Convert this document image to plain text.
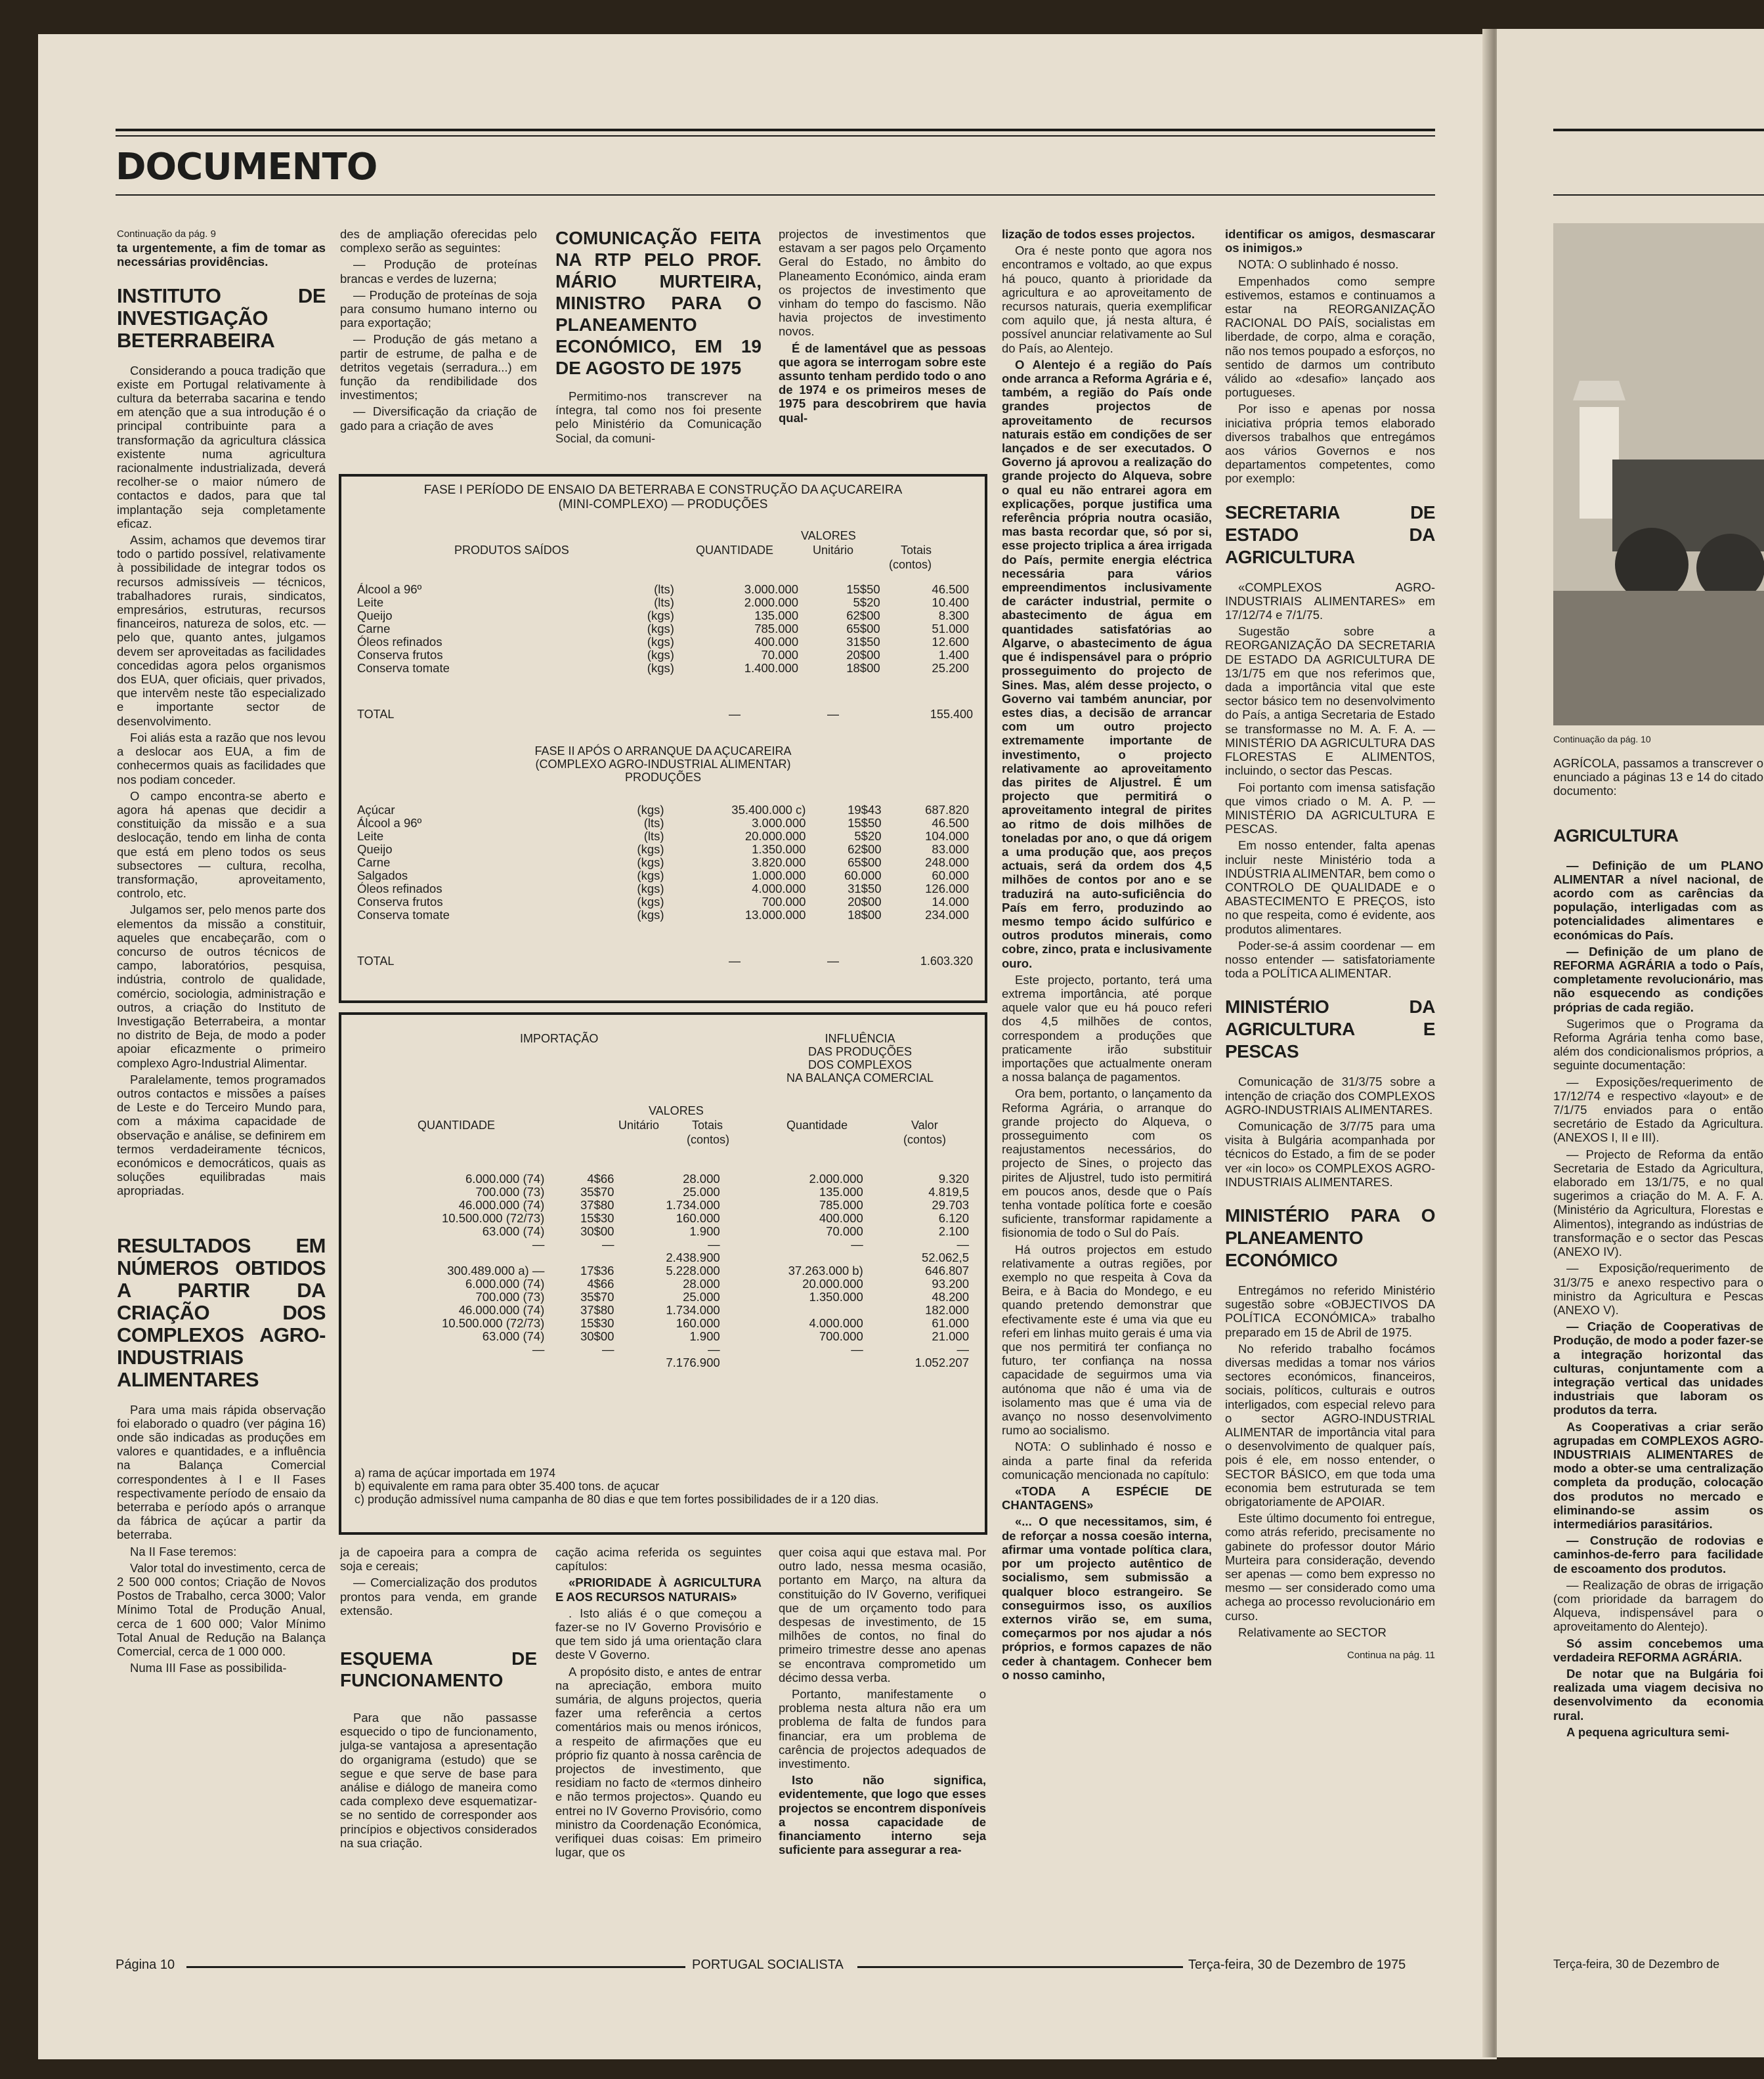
DOCUMENTO
Continuação da pág. 9

ta urgentemente, a fim de tomar as necessárias providências.

INSTITUTO DE INVESTIGAÇÃO BETERRABEIRA

Considerando a pouca tradição que existe em Portugal relativamente à cultura da beterraba sacarina e tendo em atenção que a sua introdução é o principal contribuinte para a transformação da agricultura clássica existente numa agricultura racionalmente industrializada, deverá recolher-se o maior número de contactos e dados, para que tal implantação seja completamente eficaz.

Assim, achamos que devemos tirar todo o partido possível, relativamente à possibilidade de integrar todos os recursos admissíveis — técnicos, trabalhadores rurais, sindicatos, empresários, estruturas, recursos financeiros, natureza de solos, etc. — pelo que, quanto antes, julgamos devem ser aproveitadas as facilidades concedidas agora pelos organismos dos EUA, quer oficiais, quer privados, que intervêm neste tão especializado e importante sector de desenvolvimento.

Foi aliás esta a razão que nos levou a deslocar aos EUA, a fim de conhecermos quais as facilidades que nos podiam conceder.

O campo encontra-se aberto e agora há apenas que decidir a constituição da missão e a sua deslocação, tendo em linha de conta que está em pleno todos os seus subsectores — cultura, recolha, transformação, aproveitamento, controlo, etc.

Julgamos ser, pelo menos parte dos elementos da missão a constituir, aqueles que encabeçarão, com o concurso de outros técnicos de campo, laboratórios, pesquisa, indústria, controlo de qualidade, comércio, sociologia, administração e outros, a criação do Instituto de Investigação Beterrabeira, a montar no distrito de Beja, de modo a poder apoiar eficazmente o primeiro complexo Agro-Industrial Alimentar.

Paralelamente, temos programados outros contactos e missões a países de Leste e do Terceiro Mundo para, com a máxima capacidade de observação e análise, se definirem em termos verdadeiramente técnicos, económicos e democráticos, quais as soluções equilibradas mais apropriadas.

RESULTADOS EM NÚMEROS OBTIDOS A PARTIR DA CRIAÇÃO DOS COMPLEXOS AGRO-INDUSTRIAIS ALIMENTARES

Para uma mais rápida observação foi elaborado o quadro (ver página 16) onde são indicadas as produções em valores e quantidades, e a influência na Balança Comercial correspondentes à I e II Fases respectivamente período de ensaio da beterraba e período após o arranque da fábrica de açúcar a partir da beterraba.

Na II Fase teremos:

Valor total do investimento, cerca de 2 500 000 contos; Criação de Novos Postos de Trabalho, cerca 3000; Valor Mínimo Total de Produção Anual, cerca de 1 600 000; Valor Mínimo Total Anual de Redução na Balança Comercial, cerca de 1 000 000.

Numa III Fase as possibilida-

des de ampliação oferecidas pelo complexo serão as seguintes:

— Produção de proteínas brancas e verdes de luzerna;

— Produção de proteínas de soja para consumo humano interno ou para exportação;

— Produção de gás metano a partir de estrume, de palha e de detritos vegetais (serradura...) em função da rendibilidade dos investimentos;

— Diversificação da criação de gado para a criação de aves

COMUNICAÇÃO FEITA NA RTP PELO PROF. MÁRIO MURTEIRA, MINISTRO PARA O PLANEAMENTO ECONÓMICO, EM 19 DE AGOSTO DE 1975

Permitimo-nos transcrever na íntegra, tal como nos foi presente pelo Ministério da Comunicação Social, da comuni-

projectos de investimentos que estavam a ser pagos pelo Orçamento Geral do Estado, no âmbito do Planeamento Económico, ainda eram os projectos de investimento que vinham do tempo do fascismo. Não havia projectos de investimento novos.

É de lamentável que as pessoas que agora se interrogam sobre este assunto tenham perdido todo o ano de 1974 e os primeiros meses de 1975 para descobrirem que havia qual-

FASE I PERÍODO DE ENSAIO DA BETERRABA E CONSTRUÇÃO DA AÇUCAREIRA
(MINI-COMPLEXO) — PRODUÇÕES
VALORES
PRODUTOS SAÍDOS	QUANTIDADE	Unitário	Totais
(contos)
Álcool a 96º	(lts)	3.000.000	15$50	46.500
Leite	(lts)	2.000.000	5$20	10.400
Queijo	(kgs)	135.000	62$00	8.300
Carne	(kgs)	785.000	65$00	51.000
Óleos refinados	(kgs)	400.000	31$50	12.600
Conserva frutos	(kgs)	70.000	20$00	1.400
Conserva tomate	(kgs)	1.400.000	18$00	25.200
TOTAL	—	—	155.400
FASE II APÓS O ARRANQUE DA AÇUCAREIRA
(COMPLEXO AGRO-INDUSTRIAL ALIMENTAR)
PRODUÇÕES
Açúcar	(kgs)	35.400.000 c)	19$43	687.820
Álcool a 96º	(lts)	3.000.000	15$50	46.500
Leite	(lts)	20.000.000	5$20	104.000
Queijo	(kgs)	1.350.000	62$00	83.000
Carne	(kgs)	3.820.000	65$00	248.000
Salgados	(kgs)	1.000.000	60.000	60.000
Óleos refinados	(kgs)	4.000.000	31$50	126.000
Conserva frutos	(kgs)	700.000	20$00	14.000
Conserva tomate	(kgs)	13.000.000	18$00	234.000
TOTAL	—	—	1.603.320
IMPORTAÇÃO	INFLUÊNCIA
DAS PRODUÇÕES
DOS COMPLEXOS
NA BALANÇA COMERCIAL
VALORES
QUANTIDADE	Unitário	Totais
(contos)
Quantidade	Valor
(contos)
6.000.000 (74)	4$66	28.000	2.000.000	9.320
700.000 (73)	35$70	25.000	135.000	4.819,5
46.000.000 (74)	37$80	1.734.000	785.000	29.703
10.500.000 (72/73)	15$30	160.000	400.000	6.120
63.000 (74)	30$00	1.900	70.000	2.100
—	—	—	—	—
		2.438.900		52.062,5
300.489.000 a) —	17$36	5.228.000	37.263.000 b)	646.807
6.000.000 (74)	4$66	28.000	20.000.000	93.200
700.000 (73)	35$70	25.000	1.350.000	48.200
46.000.000 (74)	37$80	1.734.000		182.000
10.500.000 (72/73)	15$30	160.000	4.000.000	61.000
63.000 (74)	30$00	1.900	700.000	21.000
—	—	—	—	—
		7.176.900		1.052.207
a) rama de açúcar importada em 1974
b) equivalente em rama para obter 35.400 tons. de açucar
c) produção admissível numa campanha de 80 dias e que tem fortes possibilidades de ir a 120 dias.

ja de capoeira para a compra de soja e cereais;

— Comercialização dos produtos prontos para venda, em grande extensão.

ESQUEMA DE FUNCIONAMENTO

Para que não passasse esquecido o tipo de funcionamento, julga-se vantajosa a apresentação do organigrama (estudo) que se segue e que serve de base para análise e diálogo de maneira como cada complexo deve esquematizar-se no sentido de corresponder aos princípios e objectivos considerados na sua criação.

cação acima referida os seguintes capítulos:

«PRIORIDADE À AGRICULTURA E AOS RECURSOS NATURAIS»

. Isto aliás é o que começou a fazer-se no IV Governo Provisório e que tem sido já uma orientação clara deste V Governo.

A propósito disto, e antes de entrar na apreciação, embora muito sumária, de alguns projectos, queria fazer uma referência a certos comentários mais ou menos irónicos, a respeito de afirmações que eu próprio fiz quanto à nossa carência de projectos de investimento, que residiam no facto de «termos dinheiro e não termos projectos». Quando eu entrei no IV Governo Provisório, como ministro da Coordenação Económica, verifiquei duas coisas: Em primeiro lugar, que os

quer coisa aqui que estava mal. Por outro lado, nessa mesma ocasião, portanto em Março, na altura da constituição do IV Governo, verifiquei que de um orçamento todo para despesas de investimento, de 15 milhões de contos, no final do primeiro trimestre desse ano apenas se encontrava comprometido um décimo dessa verba.

Portanto, manifestamente o problema nesta altura não era um problema de falta de fundos para financiar, era um problema de carência de projectos adequados de investimento.

Isto não significa, evidentemente, que logo que esses projectos se encontrem disponíveis a nossa capacidade de financiamento interno seja suficiente para assegurar a rea-

lização de todos esses projectos.

Ora é neste ponto que agora nos encontramos e voltado, ao que expus há pouco, quanto à prioridade da agricultura e ao aproveitamento de recursos naturais, queria exemplificar com aquilo que, já nesta altura, é possível anunciar relativamente ao Sul do País, ao Alentejo.

O Alentejo é a região do País onde arranca a Reforma Agrária e é, também, a região do País onde grandes projectos de aproveitamento de recursos naturais estão em condições de ser lançados e de ser executados. O Governo já aprovou a realização do grande projecto do Alqueva, sobre o qual eu não entrarei agora em explicações, porque justifica uma referência própria noutra ocasião, mas basta recordar que, só por si, esse projecto triplica a área irrigada do País, permite energia eléctrica necessária para vários empreendimentos inclusivamente de carácter industrial, permite o abastecimento de água em quantidades satisfatórias ao Algarve, o abastecimento de água que é indispensável para o próprio prosseguimento do projecto de Sines. Mas, além desse projecto, o Governo vai também anunciar, por estes dias, a decisão de arrancar com um outro projecto extremamente importante de investimento, o projecto relativamente ao aproveitamento das pirites de Aljustrel. É um projecto que permitirá o aproveitamento integral de pirites ao ritmo de dois milhões de toneladas por ano, o que dá origem a uma produção que, aos preços actuais, será da ordem dos 4,5 milhões de contos por ano e se traduzirá na auto-suficiência do País em ferro, produzindo ao mesmo tempo ácido sulfúrico e outros produtos minerais, como cobre, zinco, prata e inclusivamente ouro.

Este projecto, portanto, terá uma extrema importância, até porque aquele valor que eu há pouco referi dos 4,5 milhões de contos, correspondem a produções que praticamente irão substituir importações que actualmente oneram a nossa balança de pagamentos.

Ora bem, portanto, o lançamento da Reforma Agrária, o arranque do grande projecto do Alqueva, o prosseguimento com os reajustamentos necessários, do projecto de Sines, o projecto das pirites de Aljustrel, tudo isto permitirá em poucos anos, desde que o País tenha vontade política forte e coesão suficiente, transformar rapidamente a fisionomia de todo o Sul do País.

Há outros projectos em estudo relativamente a outras regiões, por exemplo no que respeita à Cova da Beira, e à Bacia do Mondego, e eu quando pretendo demonstrar que efectivamente este é uma via que eu referi em linhas muito gerais é uma via que nos permitirá ter confiança no futuro, ter confiança na nossa capacidade de seguirmos uma via autónoma que não é uma via de isolamento mas que é uma via de avanço no nosso desenvolvimento rumo ao socialismo.

NOTA: O sublinhado é nosso e ainda a parte final da referida comunicação mencionada no capítulo:

«TODA A ESPÉCIE DE CHANTAGENS»

«... O que necessitamos, sim, é de reforçar a nossa coesão interna, afirmar uma vontade política clara, por um projecto autêntico de socialismo, sem submissão a qualquer bloco estrangeiro. Se conseguirmos isso, os auxílios externos virão se, em suma, começarmos por nos ajudar a nós próprios, e formos capazes de não ceder à chantagem. Conhecer bem o nosso caminho,

identificar os amigos, desmascarar os inimigos.»

NOTA: O sublinhado é nosso.

Empenhados como sempre estivemos, estamos e continuamos a estar na REORGANIZAÇÃO RACIONAL DO PAÍS, socialistas em liberdade, de corpo, alma e coração, não nos temos poupado a esforços, no sentido de darmos um contributo válido ao «desafio» lançado aos portugueses.

Por isso e apenas por nossa iniciativa própria temos elaborado diversos trabalhos que entregámos aos vários Governos e nos departamentos competentes, como por exemplo:

SECRETARIA DE ESTADO DA AGRICULTURA

«COMPLEXOS AGRO-INDUSTRIAIS ALIMENTARES» em 17/12/74 e 7/1/75.

Sugestão sobre a REORGANIZAÇÃO DA SECRETARIA DE ESTADO DA AGRICULTURA DE 13/1/75 em que nos referimos que, dada a importância vital que este sector básico tem no desenvolvimento do País, a antiga Secretaria de Estado se transformasse no M. A. F. A. — MINISTÉRIO DA AGRICULTURA DAS FLORESTAS E ALIMENTOS, incluindo, o sector das Pescas.

Foi portanto com imensa satisfação que vimos criado o M. A. P. — MINISTÉRIO DA AGRICULTURA E PESCAS.

Em nosso entender, falta apenas incluir neste Ministério toda a INDÚSTRIA ALIMENTAR, bem como o CONTROLO DE QUALIDADE e o ABASTECIMENTO E PREÇOS, isto no que respeita, como é evidente, aos produtos alimentares.

Poder-se-á assim coordenar — em nosso entender — satisfatoriamente toda a POLÍTICA ALIMENTAR.

MINISTÉRIO DA AGRICULTURA E PESCAS

Comunicação de 31/3/75 sobre a intenção de criação dos COMPLEXOS AGRO-INDUSTRIAIS ALIMENTARES.

Comunicação de 3/7/75 para uma visita à Bulgária acompanhada por técnicos do Estado, a fim de se poder ver «in loco» os COMPLEXOS AGRO-INDUSTRIAIS ALIMENTARES.

MINISTÉRIO PARA O PLANEAMENTO ECONÓMICO

Entregámos no referido Ministério sugestão sobre «OBJECTIVOS DA POLÍTICA ECONÓMICA» trabalho preparado em 15 de Abril de 1975.

No referido trabalho focámos diversas medidas a tomar nos vários sectores económicos, financeiros, sociais, políticos, culturais e outros interligados, com especial relevo para o sector AGRO-INDUSTRIAL ALIMENTAR de importância vital para o desenvolvimento de qualquer país, pois é ele, em nosso entender, o SECTOR BÁSICO, em que toda uma economia bem estruturada se tem obrigatoriamente de APOIAR.

Este último documento foi entregue, como atrás referido, precisamente no gabinete do professor doutor Mário Murteira para consideração, devendo ser apenas — como bem expresso no mesmo — ser considerado como uma achega ao processo revolucionário em curso.

Relativamente ao SECTOR

Continua na pág. 11
Página 10	PORTUGAL SOCIALISTA	Terça-feira, 30 de Dezembro de 1975
Continuação da pág. 10

AGRÍCOLA, passamos a transcrever o enunciado a páginas 13 e 14 do citado documento:

AGRICULTURA

— Definição de um PLANO ALIMENTAR a nível nacional, de acordo com as carências da população, interligadas com as potencialidades alimentares e económicas do País.

— Definição de um plano de REFORMA AGRÁRIA a todo o País, completamente revolucionário, mas não esquecendo as condições próprias de cada região.

Sugerimos que o Programa da Reforma Agrária tenha como base, além dos condicionalismos próprios, a seguinte documentação:

— Exposições/requerimento de 17/12/74 e respectivo «layout» e de 7/1/75 enviados para o então secretário de Estado da Agricultura. (ANEXOS I, II e III).

— Projecto de Reforma da então Secretaria de Estado da Agricultura, elaborado em 13/1/75, e no qual sugerimos a criação do M. A. F. A. (Ministério da Agricultura, Florestas e Alimentos), integrando as indústrias de transformação e o sector das Pescas (ANEXO IV).

— Exposição/requerimento de 31/3/75 e anexo respectivo para o ministro da Agricultura e Pescas (ANEXO V).

— Criação de Cooperativas de Produção, de modo a poder fazer-se a integração horizontal das culturas, conjuntamente com a integração vertical das unidades industriais que laboram os produtos da terra.

As Cooperativas a criar serão agrupadas em COMPLEXOS AGRO-INDUSTRIAIS ALIMENTARES de modo a obter-se uma centralização completa da produção, colocação dos produtos no mercado e eliminando-se assim os intermediários parasitários.

— Construção de rodovias e caminhos-de-ferro para facilidade de escoamento dos produtos.

— Realização de obras de irrigação (com prioridade da barragem do Alqueva, indispensável para o aproveitamento do Alentejo).

Só assim concebemos uma verdadeira REFORMA AGRÁRIA.

De notar que na Bulgária foi realizada uma viagem decisiva no desenvolvimento da economia rural.

A pequena agricultura semi-

Terça-feira, 30 de Dezembro de
